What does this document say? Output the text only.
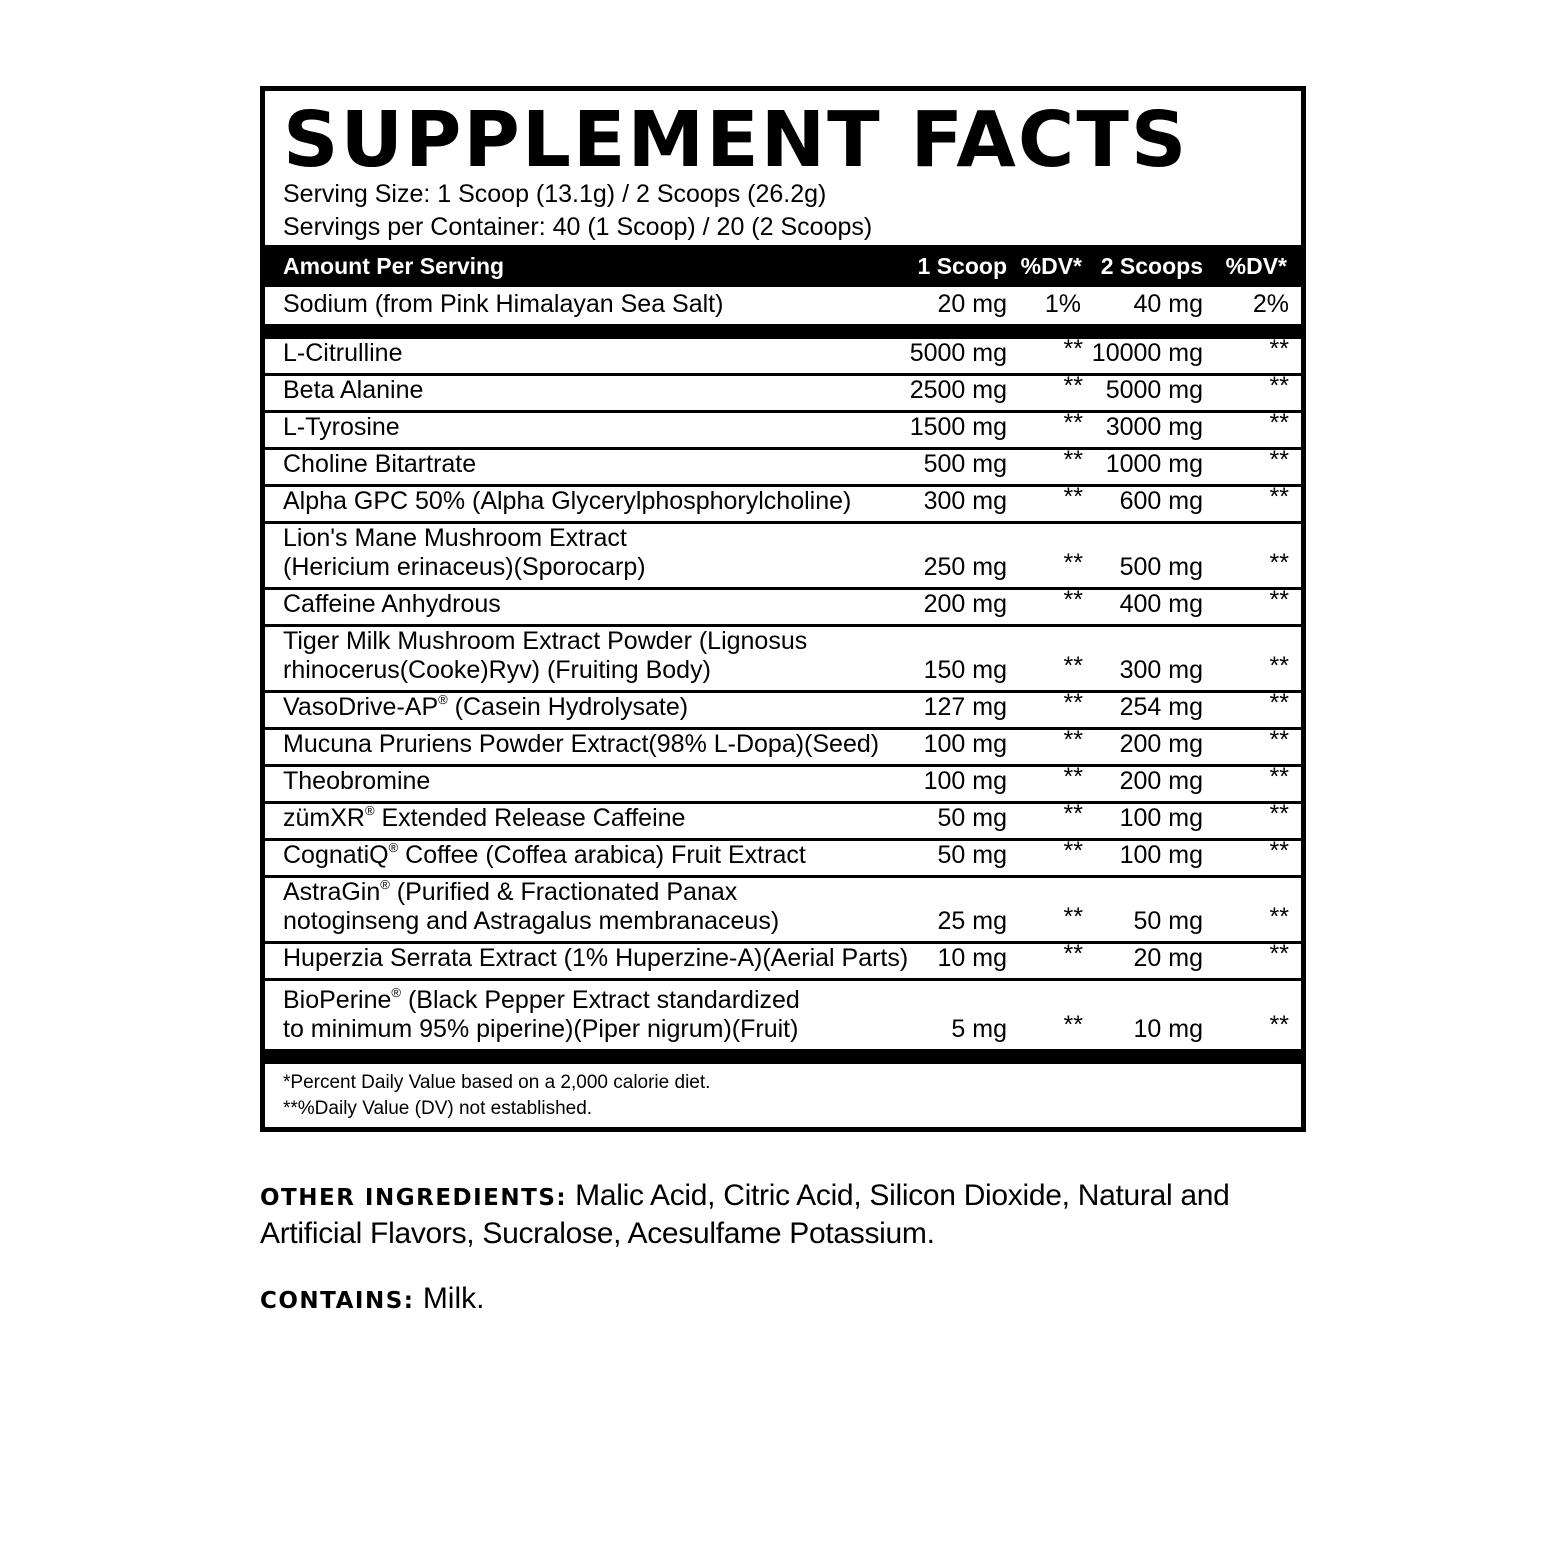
SUPPLEMENT FACTS
Serving Size: 1 Scoop (13.1g) / 2 Scoops (26.2g)
Servings per Container: 40 (1 Scoop) / 20 (2 Scoops)
Amount Per Serving	1 Scoop %DV* 2 Scoops %DV*
Sodium (from Pink Himalayan Sea Salt)	20 mg 1% 40 mg 2%
L-Citrulline	5000 mg ** 10000 mg	**
Beta Alanine	2500 mg ** 5000 mg	**
L-Tyrosine	1500 mg ** 3000 mg	**
Choline Bitartrate	500 mg ** 1000 mg	**
Alpha GPC 50% (Alpha Glycerylphosphorylcholine)	300 mg ** 600 mg	**
Lion's Mane Mushroom Extract
(Hericium erinaceus)(Sporocarp)	250 mg ** 500 mg	**
Caffeine Anhydrous	200 mg ** 400 mg	**
Tiger Milk Mushroom Extract Powder (Lignosus
rhinocerus(Cooke)Ryv) (Fruiting Body)	150 mg ** 300 mg	**
VasoDrive-AP® (Casein Hydrolysate)	127 mg ** 254 mg	**
Mucuna Pruriens Powder Extract(98% L-Dopa)(Seed) 100 mg ** 200 mg	**
Theobromine	100 mg ** 200 mg	**
zümXR® Extended Release Caffeine	50 mg ** 100 mg	**
CognatiQ® Coffee (Coffea arabica) Fruit Extract	50 mg ** 100 mg	**
AstraGin® (Purified & Fractionated Panax
notoginseng and Astragalus membranaceus)	25 mg ** 50 mg	**
Huperzia Serrata Extract (1% Huperzine-A)(Aerial Parts) 10 mg ** 20 mg	**
BioPerine® (Black Pepper Extract standardized
to minimum 95% piperine)(Piper nigrum)(Fruit)	5 mg ** 10 mg	**
*Percent Daily Value based on a 2,000 calorie diet.
**%Daily Value (DV) not established.
OTHER INGREDIENTS: Malic Acid, Citric Acid, Silicon Dioxide, Natural and Artificial Flavors, Sucralose, Acesulfame Potassium.
CONTAINS: Milk.
